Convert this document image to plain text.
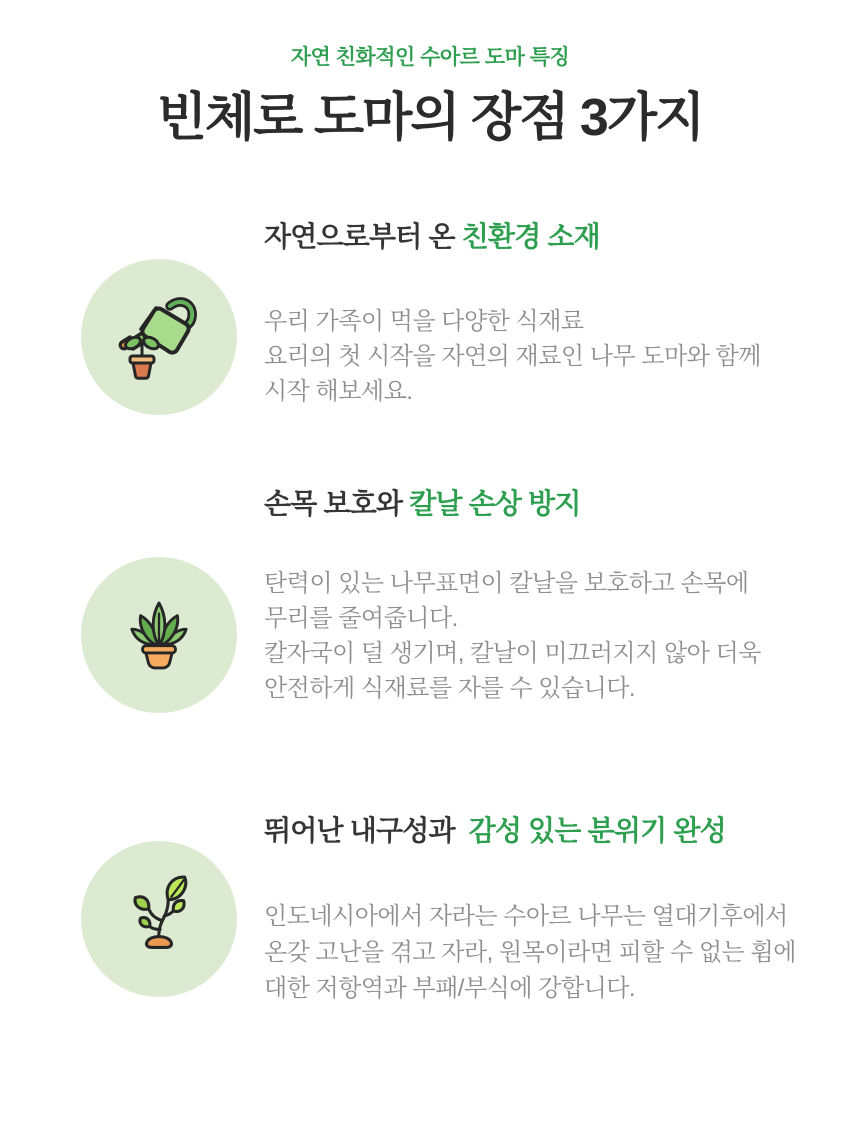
자연 친화적인 수아르 도마 특징
빈체로 도마의 장점 3가지
자연으로부터 온 친환경 소재
우리 가족이 먹을 다양한 식재료
요리의 첫 시작을 자연의 재료인 나무 도마와 함께
시작 해보세요.
손목 보호와 칼날 손상 방지
탄력이 있는 나무표면이 칼날을 보호하고 손목에
무리를 줄여줍니다.
칼자국이 덜 생기며, 칼날이 미끄러지지 않아 더욱
안전하게 식재료를 자를 수 있습니다.
뛰어난 내구성과  감성 있는 분위기 완성
인도네시아에서 자라는 수아르 나무는 열대기후에서
온갖 고난을 겪고 자라, 원목이라면 피할 수 없는 휨에
대한 저항역과 부패/부식에 강합니다.
